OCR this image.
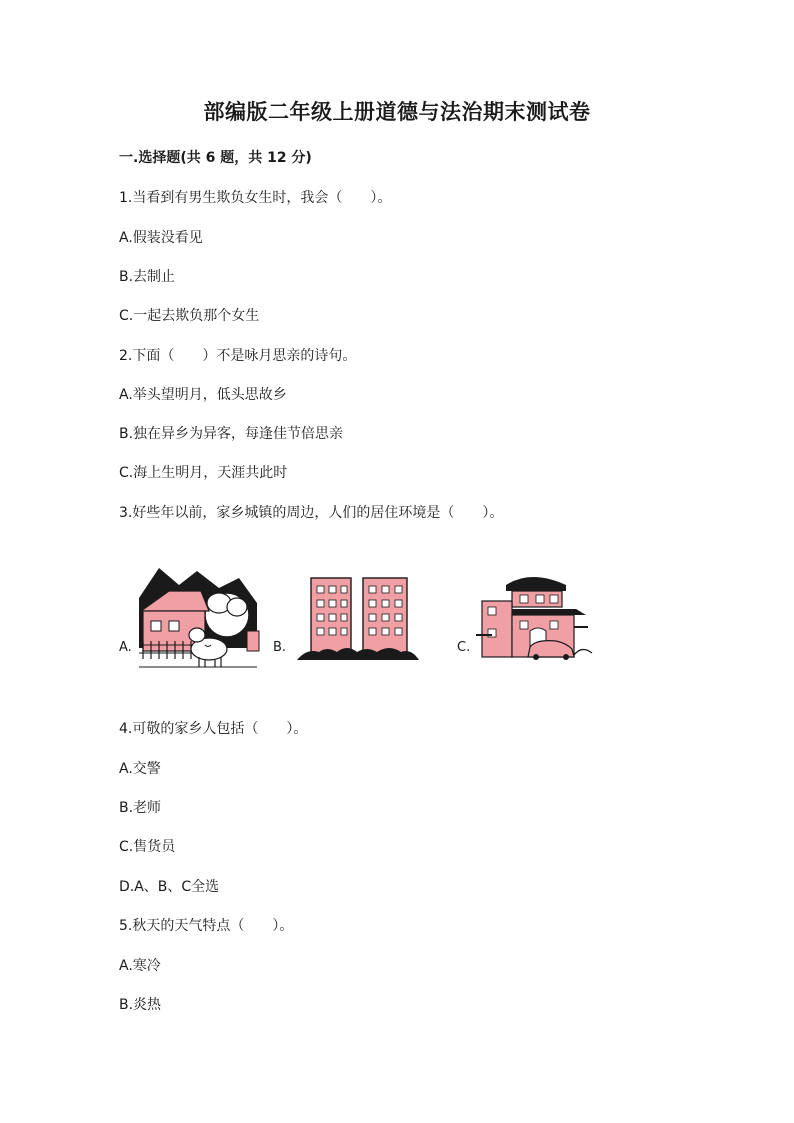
部编版二年级上册道德与法治期末测试卷
一.选择题(共 6 题，共 12 分)
1.当看到有男生欺负女生时，我会（　　）。
A.假装没看见
B.去制止
C.一起去欺负那个女生
2.下面（　　）不是咏月思亲的诗句。
A.举头望明月，低头思故乡
B.独在异乡为异客，每逢佳节倍思亲
C.海上生明月，天涯共此时
3.好些年以前，家乡城镇的周边，人们的居住环境是（　　）。
A.	B.	C.
4.可敬的家乡人包括（　　）。
A.交警
B.老师
C.售货员
D.A、B、C全选
5.秋天的天气特点（　　）。
A.寒冷
B.炎热
